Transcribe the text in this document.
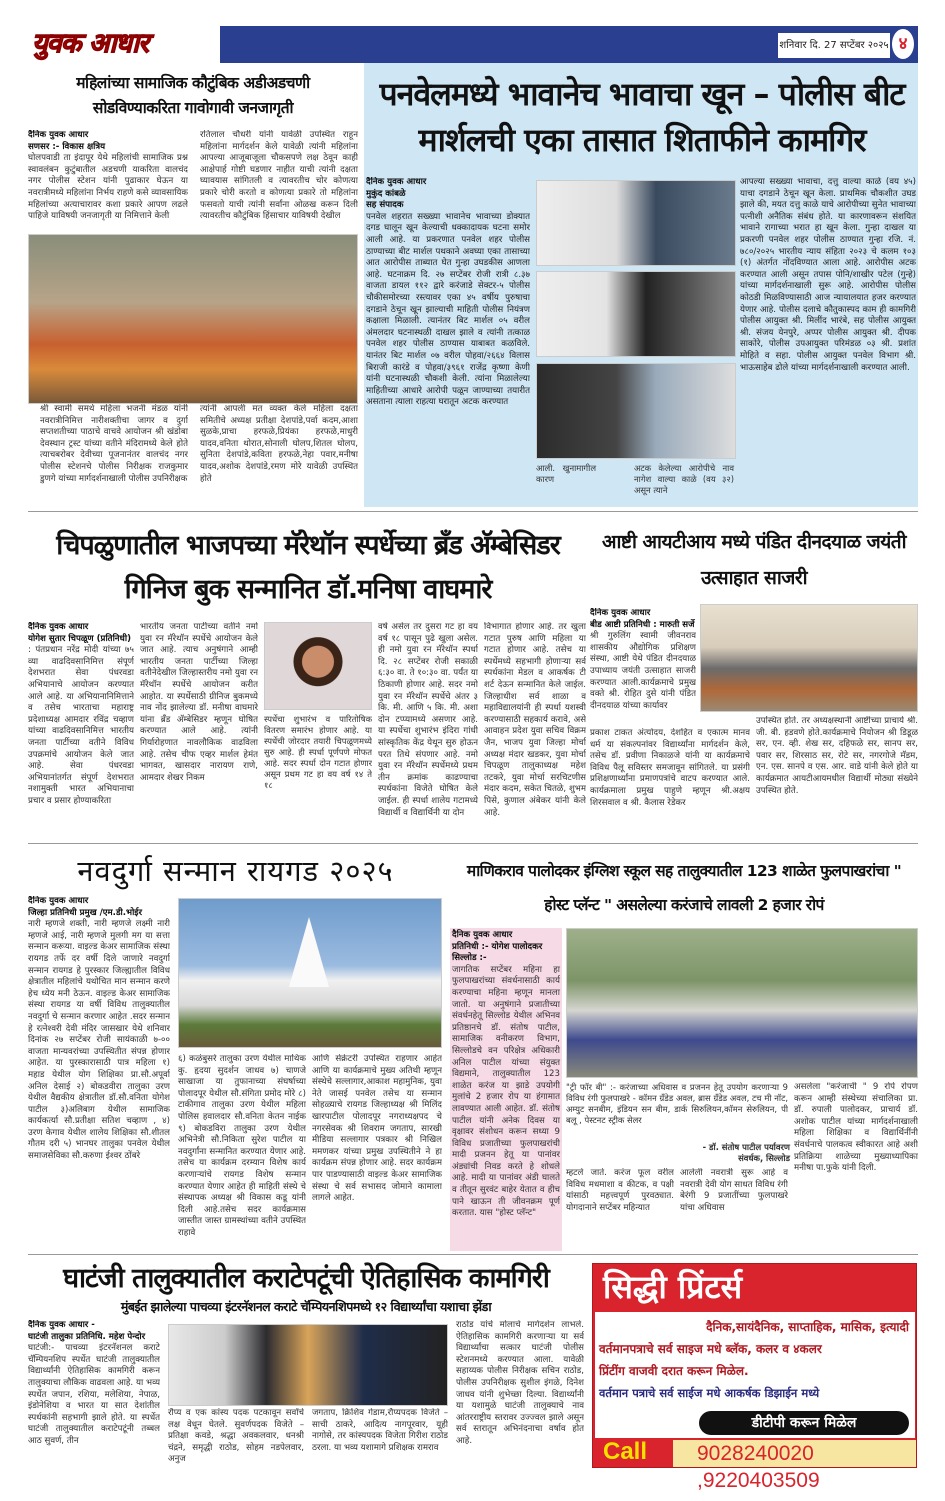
युवक आधार	शनिवार दि. 27 सप्टेंबर २०२५ ४
महिलांच्या सामाजिक कौटुंबिक अडीअडचणी सोडविण्याकरिता गावोगावी जनजागृती
दैनिक युवक आधार
सणसर :- विकास क्षत्रिय
घोलपवाडी ता इंदापूर येथे महिलांची सामाजिक प्रश्न स्वावलंबन कुटुंबातील अडचणी याकरिता वालचंद नगर पोलीस स्टेशन यांनी पुढाकार घेऊन या नवरात्रीमध्ये महिलांना निर्भय राहणे कसे व्यावसायिक महिलांच्या अत्याचारावर कशा प्रकारे आपण लढले पाहिजे याविषयी जनजागृती या निमित्ताने केली
रतिलाल चौधरी यांनी यावेळी उपस्थित राहून महिलांना मार्गदर्शन केले यावेळी त्यांनी महिलांना आपल्या आजूबाजूला चौकसपणे लक्ष ठेवून काही आक्षेपार्ह गोष्टी घडणार नाहीत याची त्यांनी दक्षता घ्यावयास सांगितली व त्यावरतीच चोर कोणत्या प्रकारे चोरी करतो व कोणत्या प्रकारे तो महिलांना फसवतो याची त्यांनी सर्वांना ओळख करून दिली त्यावरतीच कौटुंबिक हिंसाचार याविषयी देखील
श्री स्वामी समर्थ महिला भजनी मंडळ यांनी नवरात्रीनिमित्त नारीशक्तीचा जागर व दुर्गा सप्तशतीच्या पाठाचे वाचवे आयोजन श्री खंडोबा देवस्थान ट्रस्ट यांच्या वतीने मंदिरामध्ये केले होते त्याचबरोबर देवीच्या पूजनानंतर वालचंद नगर पोलीस स्टेशनचे पोलीस निरीक्षक राजकुमार डुणगे यांच्या मार्गदर्शनाखाली पोलीस उपनिरीक्षक
त्यांनी आपली मत व्यक्त केले महिला दक्षता समितीचे अध्यक्ष प्रतीक्षा देशपांडे,पर्वा कदम,आशा सुळके,प्राचा हरफळे,प्रियंका हरफळे,माधुरी यादव,वनिता थोरात,सोनाली घोलप,शितल घोलप, सुनिता देशपांडे,कविता हरफळे,नेहा पवार,मनीषा यादव,अशोक देशपांडे,रमण मोरे यावेळी उपस्थित होते
पनवेलमध्ये भावानेच भावाचा खून – पोलीस बीट मार्शलची एका तासात शिताफीने कामगिर
दैनिक युवक आधार
मुकुंद कांबळे
सह संपादक
पनवेल शहरात सख्ख्या भावानेच भावाच्या डोक्यात दगड घालून खून केल्याची धक्कादायक घटना समोर आली आहे. या प्रकरणात पनवेल शहर पोलीस ठाण्याच्या बीट मार्शल पथकाने अवघ्या एका तासाच्या आत आरोपीस ताब्यात घेत गुन्हा उघडकीस आणला आहे. घटनाक्रम दि. २७ सप्टेंबर रोजी रात्री ८.३७ वाजता डायल ११२ द्वारे करंजाडे सेक्टर-५ पोलीस चौकीसमोरच्या रस्त्यावर एका ४५ वर्षीय पुरुषाचा दगडाने ठेचून खून झाल्याची माहिती पोलीस नियंत्रण कक्षाला मिळाली. त्यानंतर बिट मार्शल ०५ वरील अंमलदार घटनास्थळी दाखल झाले व त्यांनी तत्काळ पनवेल शहर पोलीस ठाण्यास याबाबत कळविले. यानंतर बिट मार्शल ०७ वरील पोहवा/२६६४ विलास बिराजी कारंडे व पोहवा/३९६१ राजेंद्र कृष्णा केणी यांनी घटनास्थळी चौकशी केली. त्यांना मिळालेल्या माहितीच्या आधारे आरोपी पळून जाण्याच्या तयारीत असताना त्याला राहत्या घरातून अटक करण्यात
आली. खुनामागील कारण
अटक केलेल्या आरोपीचे नाव नागेश वाल्या काळे (वय ३२) असून त्याने
आपल्या सख्ख्या भावाचा, दत्तु वाल्या काळे (वय ४५) याचा दगडाने ठेचून खून केला. प्राथमिक चौकशीत उघड झाले की, मयत दत्तु काळे याचे आरोपीच्या सुनेत भावाच्या पत्नीशी अनैतिक संबंध होते. या कारणावरून संशयित भावाने रागाच्या भरात हा खून केला. गुन्हा दाखल या प्रकरणी पनवेल शहर पोलीस ठाण्यात गुन्हा रजि. नं. ७८०/२०२५ भारतीय न्याय संहिता २०२३ चे कलम १०३ (१) अंतर्गत नोंदविण्यात आला आहे. आरोपीस अटक करण्यात आली असून तपास पोनि/शाखीर पटेल (गुन्हे) यांच्या मार्गदर्शनाखाली सुरू आहे. आरोपीस पोलीस कोठडी मिळविण्यासाठी आज न्यायालयात हजर करण्यात येणार आहे. पोलीस दलाचे कौतुकास्पद काम ही कामगिरी पोलीस आयुक्त श्री. मिलींद भारंबे, सह पोलीस आयुक्त श्री. संजय येनपुरे, अप्पर पोलीस आयुक्त श्री. दीपक साकोरे, पोलीस उपआयुक्त परिमंडळ ०३ श्री. प्रशांत मोहिते व सहा. पोलीस आयुक्त पनवेल विभाग श्री. भाऊसाहेब ढोले यांच्या मार्गदर्शनाखाली करण्यात आली.
चिपळुणातील भाजपच्या मॅरेथॉन स्पर्धेच्या ब्रँड अ‍ॅम्बेसिडर गिनिज बुक सन्मानित डॉ.मनिषा वाघमारे
दैनिक युवक आधार
योगेश सुतार चिपळूण (प्रतिनिधी)
: पंतप्रधान नरेंद्र मोदी यांच्या ७५ व्या वाढदिवसानिमित्त संपूर्ण देशभरात सेवा पंधरवडा अभियानाचे आयोजन करण्यात आले आहे. या अभियानानिमित्ताने व तसेच भारताचा महाराष्ट्र प्रदेशाध्यक्ष आमदार रविंद्र चव्हाण यांच्या वाढदिवसानिमित्त भारतीय जनता पार्टीच्या वतीने विविध उपक्रमांचे आयोजन केले जात आहे. सेवा पंधरवडा अभियानांतर्गत संपूर्ण देशभरात नशामुक्ती भारत अभियानाचा प्रचार व प्रसार होण्याकरिता
भारतीय जनता पार्टीच्या वतीने नमो युवा रन मॅरेथॉन स्पर्धेचे आयोजन केले जात आहे. त्याच अनुषंगाने आम्ही भारतीय जनता पार्टीच्या जिल्हा वतीनेदेखील जिल्हास्तरीय नमो युवा रन मॅरेथॉन स्पर्धेचे आयोजन करीत आहोत. या स्पर्धेसाठी ग्रीनिज बुकमध्ये नाव नोंद झालेल्या डॉ. मनीषा वाघमारे यांना ब्रँड अ‍ॅम्बेसिडर म्हणून घोषित करण्यात आले आहे. त्यांनी गिर्यारोहणात नावलौकिक वाढविला आहे. तसेच चीफ एव्हर मार्शल हेमंत भागवत, खासदार नारायण राणे, आमदार शेखर निकम
स्पर्धेचा शुभारंभ व पारितोषिक वितरण समारंभ होणार आहे. या स्पर्धेची जोरदार तयारी चिपळूणमध्ये सुरु आहे. ही स्पर्धा पूर्णपणे मोफत आहे. सदर स्पर्धा दोन गटात होणार असून प्रथम गट हा वय वर्ष १४ ते १८
वर्ष असेल तर दुसरा गट हा वय वर्ष १८ पासून पुढे खुला असेल. ही नमो युवा रन मॅरेथॉन स्पर्धा दि. २८ सप्टेंबर रोजी सकाळी ६:३० वा. ते १०:३० वा. पर्यंत या ठिकाणी होणार आहे. सदर नमो युवा रन मॅरेथॉन स्पर्धेचे अंतर ३ कि. मी. आणि ५ कि. मी. अशा दोन टप्प्यामध्ये असणार आहे. या स्पर्धेचा शुभारंभ इंदिरा गांधी सांस्कृतिक केंद्र येथून सुरु होऊन परत तिथे संपणार आहे. नमो युवा रन मॅरेथॉन स्पर्धेमध्ये प्रथम तीन क्रमांक काढण्याचा स्पर्धकांना विजेते घोषित केले जाईल. ही स्पर्धा शालेय गटामध्ये विद्यार्थी व विद्यार्थिनी या दोन
विभागात होणार आहे. तर खुला गटात पुरुष आणि महिला या गटात होणार आहे. तसेच या स्पर्धेमध्ये सहभागी होणाऱ्या सर्व स्पर्धकांना मेडल व आकर्षक टी शर्ट देऊन सन्मानित केले जाईल. जिल्हाधीश सर्व शाळा व महाविद्यालयांनी ही स्पर्धा यशस्वी करण्यासाठी सहकार्य करावे, असे आवाहन प्रदेश युवा सचिव विक्रम जैन, भाजप युवा जिल्हा मोर्चा अध्यक्ष मंदार खडकर, युवा मोर्चा चिपळूण तालुकाध्यक्ष महेश तटकरे, युवा मोर्चा सरचिटणीस मंदार कदम, सकेत चितळे, शुभम पिसे, कुणाल अंबेकर यांनी केले आहे.
आष्टी आयटीआय मध्ये पंडित दीनदयाळ जयंती उत्साहात साजरी
दैनिक युवक आधार
बीड आष्टी प्रतिनिधी : मारुती सर्जे
श्री गुरुलिंग स्वामी जीवनराव शासकीय औद्योगिक प्रशिक्षण संस्था, आष्टी येथे पंडित दीनदयाळ उपाध्याय जयंती उत्साहात साजरी करण्यात आली.कार्यक्रमाचे प्रमुख वक्ते श्री. रोहित दुसे यांनी पंडित दीनदयाळ यांच्या कार्यावर
प्रकाश टाकत अंत्योदय, देशहित व एकात्म मानव धर्म या संकल्पनांवर विद्यार्थ्यांना मार्गदर्शन केले, तसेच डॉ. प्रवीणा निकाळजे यांनी या कार्यक्रमाचे विविध पैलू सविस्तर समजावून सांगितले. या प्रसंगी प्रशिक्षणार्थ्यांना प्रमाणपत्रांचे वाटप करण्यात आले. कार्यक्रमाला प्रमुख पाहुणे म्हणून श्री.अक्षय शिरसवाल व श्री. कैलास रेडेकर
उपस्थित होते. तर अध्यक्षस्थानी आष्टीच्या प्राचार्य श्री. जी. बी. हडवणे होते.कार्यक्रमाचे नियोजन श्री डिडूळ सर, एन. व्ही. शेख सर, दहिफळे सर, सानप सर, पवार सर, शिरसाठ सर, रोटे सर, नगरगोजे मॅडम, एन. एस. सानपे व एस. आर. वाडे यांनी केले होते या कार्यक्रमात आयटीआयमधील विद्यार्थी मोठ्या संख्येने उपस्थित होते.
नवदुर्गा सन्मान रायगड २०२५
दैनिक युवक आधार
जिल्हा प्रतिनिधी प्रमुख /एम.डी.भोईर
नारी म्हणजे शक्ती, नारी म्हणजे लक्ष्मी नारी म्हणजे आई, नारी म्हणजे मुलगी मग या सत्ता सन्मान करूया. वाइल्ड केअर सामाजिक संस्था रायगड तर्फे दर वर्षी दिले जाणारे नवदुर्गा सन्मान रायगड हे पुरस्कार जिल्ह्यातील विविध क्षेत्रातील महिलांचे यथोचित मान सन्मान करणे हेच ध्येय मनी ठेऊन. वाइल्ड केअर सामाजिक संस्था रायगड या वर्षी विविध तालुक्यातील नवदुर्गा चे सन्मान करणार आहेत .सदर सन्मान हे रत्नेश्वरी देवी मंदिर जासखार येथे शनिवार दिनांक २७ सप्टेंबर रोजी सायंकाळी ७-०० वाजता मान्यवरांच्या उपस्थितीत संपन्न होणार आहेत. या पुरस्कारासाठी पात्र महिला १) महाड येथील योग शिक्षिका प्रा.सौ.अपूर्वा अनिल देसाई २) बोकडवीरा तालुका उरण येथील वैद्यकीय क्षेत्रातील डॉ.सौ.वनिता योगेश पाटील ३)अलिबाग येथील सामाजिक कार्यकर्त्या सौ.प्रतीक्षा सतिश चव्हाण , ४) उरण केगाव येथील शालेय शिक्षिका सौ.शीतल गौतम दरी ५) भानघर तालुका पनवेल येथील समाजसेविका सौ.करुणा ईश्वर ठोंबरे
६) कळंबुसरे तालुका उरण येथील माथिक कु. हृदया सुदर्शन जाधव ७) चाणजे साखाजा या तुफानाच्या संघर्षाच्या पोलादपूर येथील सौ.संगिता प्रमोद मोरे ८) टाकीगाव तालुका उरण येथील महिला पोलिस हवालदार सौ.वनिता केतन नाईक ९) बोकडविरा तालुका उरण येथील अभिनेत्री सौ.निकिता सुरेश पाटील या नवदुर्गांना सन्मानित करण्यात येणार आहे. तसेच या कार्यक्रम दरम्यान विशेष कार्य करणाऱ्यांचे रायगड विशेष सन्मान करण्यात येणार आहेत ही माहिती संस्थे चे संस्थापक अध्यक्ष श्री विकास कडू यांनी दिली आहे.तसेच सदर कार्यक्रमास जास्तीत जास्त ग्रामस्थांच्या वतीने उपस्थित राहावे
आणि सेक्रेटरी उपस्थित राहणार आहेत आणि या कार्यक्रमाचे मुख्य अतिथी म्हणून संस्थेचे सल्लागार,आकाश महामुनिक, युवा नेते जासई पनवेल तसेच या सन्मान सोहळ्याचे रायगड जिल्हाध्यक्ष श्री मिलिंद खारपाटील पोलादपूर नगराध्यक्षपद चे नगरसेवक श्री शिवराम जगताप, सारखी मीडिया सल्लागार पत्रकार श्री निखिल ममणकर यांच्या प्रमुख उपस्थितीने ने हा कार्यक्रम संपन्न होणार आहे. सदर कार्यक्रम पार पाडण्यासाठी वाइल्ड केअर सामाजिक संस्था चे सर्व सभासद जोमाने कामाला लागले आहेत.
माणिकराव पालोदकर इंग्लिश स्कूल सह तालुक्यातील 123 शाळेत फुलपाखरांचा " होस्ट प्लॅन्ट " असलेल्या करंजाचे लावली 2 हजार रोपं
दैनिक युवक आधार
प्रतिनिधी :- योगेश पालोदकर
सिल्लोड :-
जागतिक सप्टेंबर महिना हा फुलपाखरांच्या संवर्धनासाठी कार्य करण्याचा महिना म्हणून मानला जातो. या अनुषंगाने प्रजातीच्या संवर्धनहेतू सिल्लोड येथील अभिनव प्रतिष्ठानचे डॉ. संतोष पाटील, सामाजिक वनीकरण विभाग, सिल्लोडचे वन परिक्षेत्र अधिकारी अनिल पाटील यांच्या संयुक्त विद्यमाने, तालुक्यातील 123 शाळेत करंज या झाडे उपयोगी मुलांचे 2 हजार रोप या हंगामात लावण्यात आली आहेत. डॉ. संतोष पाटील यांनी अनेक दिवस या वृक्षावर संशोधन करून सध्या 9 विविध प्रजातीच्या फुलपाखरांची मादी प्रजनन हेतू या पानांवर अंड्यांची निवड करते हे शोधले आहे. मादी या पानांवर अंडी घालते व तीतून सुरवंट बाहेर येतात व हीच पाने खाऊन ती जीवनक्रम पूर्ण करतात. यास "होस्ट प्लॅन्ट"
"ट्री फॉर बी" :- करंजाच्या अधिवास व प्रजनन हेतू उपयोग करणाऱ्या 9 विविध रंगी फुलपाखरे - कॉमन ग्रँडेड अवल, ब्रास ग्रँडेड अवल, टच मी नॉट, अम्युट सनबीम, इंडियन सन बीम, डार्क सिरुलियन,कॉमन सेरुलियन, पी बलू , पेस्टनट स्ट्रीक सेलर
- डॉ. संतोष पाटील पर्यावरण संवर्धक, सिल्लोड
म्हटले जाते. करंज फूल वरील विविध मधमाशा व कीटक, व पक्षी यांसाठी महत्त्वपूर्ण पुरवठ्यात. योगदानाने सप्टेंबर महिन्यात
आलेली नवरात्री सुरू आहे व नवरात्री देवी योग साधत विविध रंगी बेरंगी 9 प्रजातींच्या फुलपाखरे यांचा अधिवास
असलेला "करंजाची " 9 रोपे रोपण करून आम्ही संस्थेच्या संचालिका प्रा. डॉ. रुपाली पालोदकर, प्राचार्य डॉ. अशोक पाटील यांच्या मार्गदर्शनाखाली महिला शिक्षिका व विद्यार्थिनींनी संवर्धनाचे पालकत्व स्वीकारत आहे अशी प्रतिक्रिया शाळेच्या मुख्याध्यापिका मनीषा पा.फुके यांनी दिली.
घाटंजी तालुक्यातील कराटेपटूंची ऐतिहासिक कामगिरी
मुंबईत झालेल्या पाचव्या इंटरनॅशनल कराटे चॅम्पियनशिपमध्ये १२ विद्यार्थ्यांचा यशाचा झेंडा
दैनिक युवक आधार -
घाटंजी तालुका प्रतिनिधि. महेश पेन्दोर
घाटंजी:- पाचव्या इंटरनॅशनल कराटे चॅम्पियनशिप स्पर्धेत घाटंजी तालुक्यातील विद्यार्थ्यांनी ऐतिहासिक कामगिरी करून तालुक्याचा लौकिक वाढवला आहे. या भव्य स्पर्धेत जपान, रशिया, मलेशिया, नेपाळ, इंडोनेशिया व भारत या सात देशांतील स्पर्धकांनी सहभागी झाले होते. या स्पर्धेत घाटंजी तालुक्यातील कराटेपटूंनी तब्बल आठ सुवर्ण, तीन
रौप्य व एक कांस्य पदक पटकावून सर्वांचे लक्ष वेधून घेतले. सुवर्णपदक विजेते – प्रतिक्षा कवडे, श्रद्धा अवकलवार, धनश्री चंद्रने, समृद्धी राठोड, सोहम नडपेलवार, अनुज
जगताप, क्रिशिव गेडाम,रौप्यपदक विजेते – साची ठाकरे, आदित्य नागपूरवार, यूही नागोसे, तर कांस्यपदक विजेता गिरीश राठोड ठरला. या भव्य यशामागे प्रशिक्षक रामराव
राठोड यांचे मोलाचे मार्गदर्शन लाभले. ऐतिहासिक कामगिरी करणाऱ्या या सर्व विद्यार्थ्यांचा सत्कार घाटंजी पोलीस स्टेशनमध्ये करण्यात आला. यावेळी सहाय्यक पोलीस निरीक्षक सचिन राठोड, पोलीस उपनिरीक्षक सुशील इंगळे, दिनेश जाधव यांनी शुभेच्छा दिल्या. विद्यार्थ्यांनी या यशामुळे घाटंजी तालुक्याचे नाव आंतरराष्ट्रीय स्तरावर उज्ज्वल झाले असून सर्व स्तरातून अभिनंदनाचा वर्षाव होत आहे.
सिद्धी प्रिंटर्स
दैनिक,सायंदैनिक, साप्ताहिक, मासिक, इत्यादी
वर्तमानपत्राचे सर्व साइज मधे ब्लॅक, कलर व ४कलर
प्रिंटींग वाजवी दरात करून मिळेल.
वर्तमान पत्राचे सर्व साईज मधे आकर्षक डिझाईन मध्ये
डीटीपी करून मिळेल
Call 9028240020 ,9220403509
